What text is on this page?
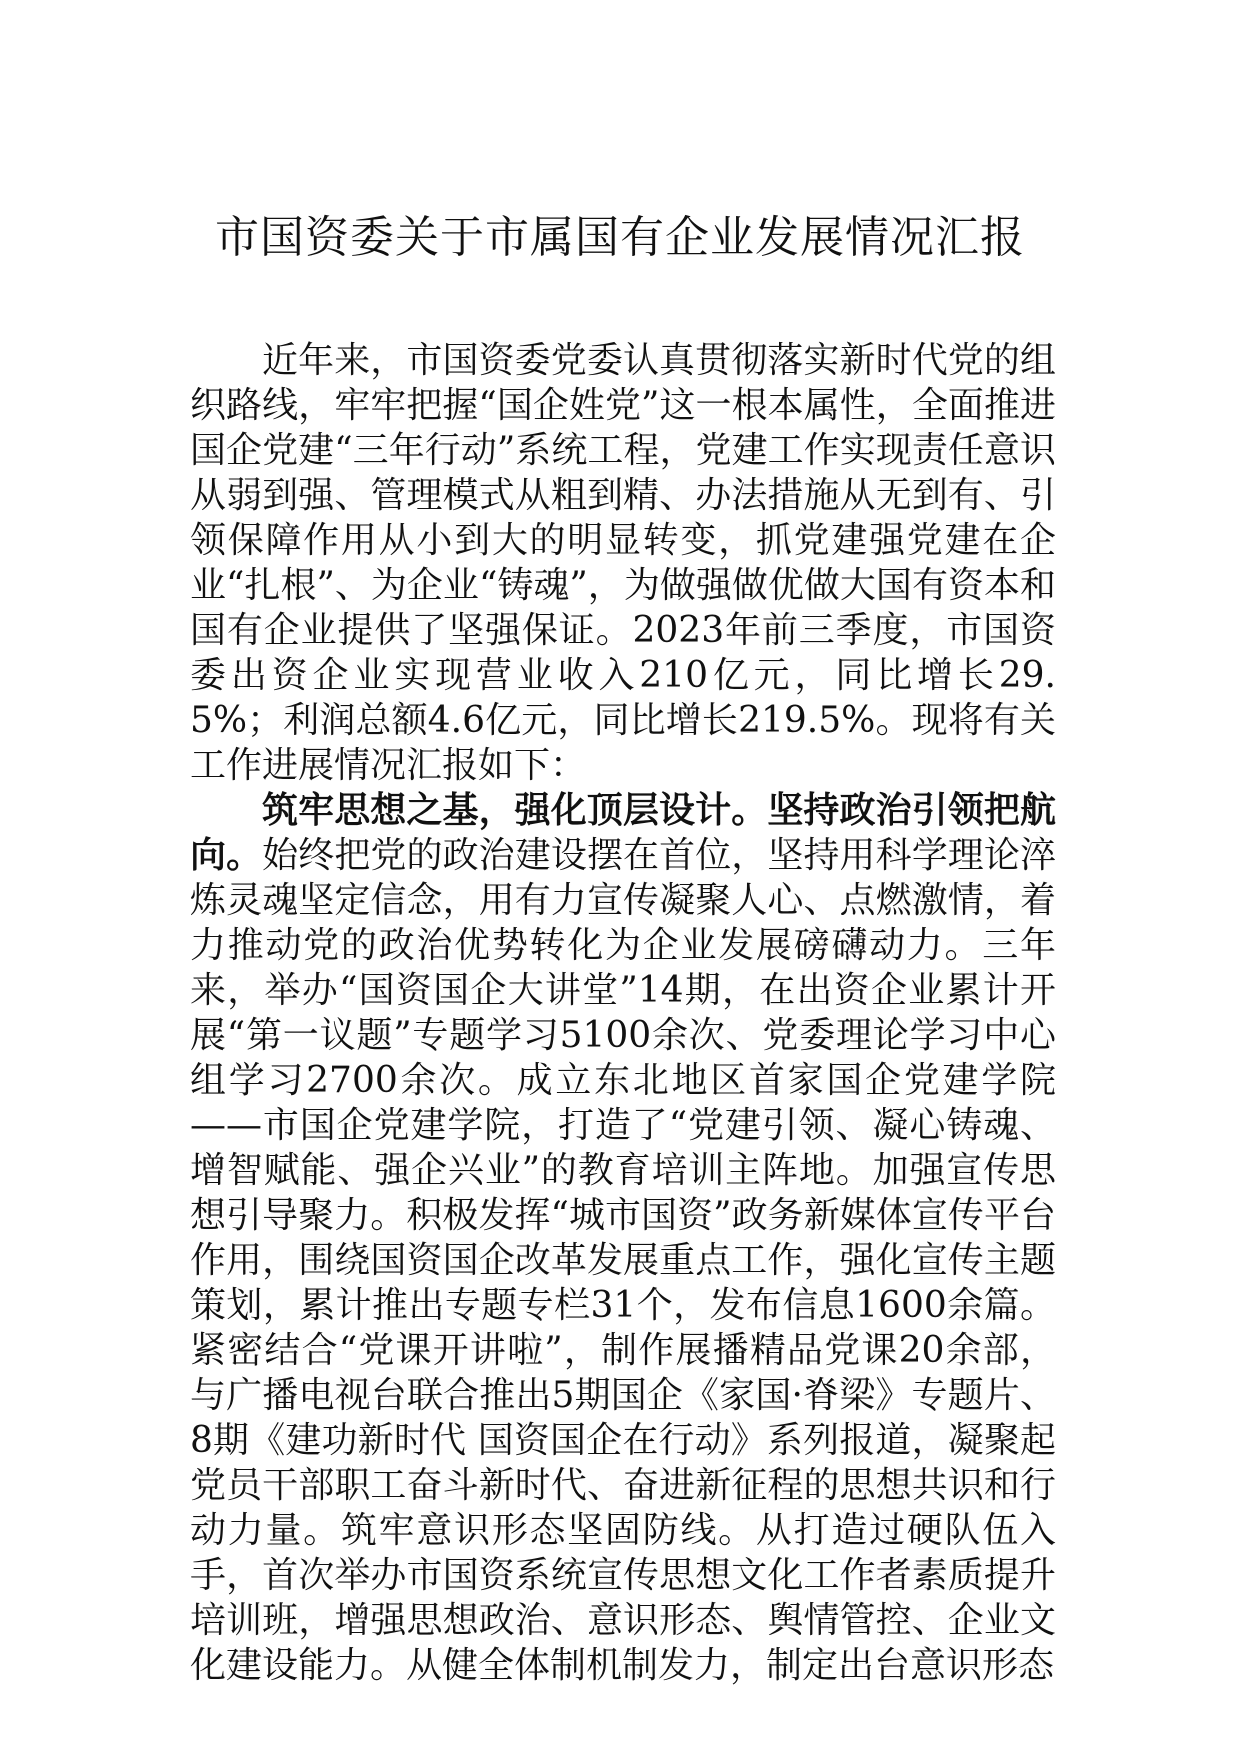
市国资委关于市属国有企业发展情况汇报

近年来，市国资委党委认真贯彻落实新时代党的组织路线，牢牢把握“国企姓党”这一根本属性，全面推进国企党建“三年行动”系统工程，党建工作实现责任意识从弱到强、管理模式从粗到精、办法措施从无到有、引领保障作用从小到大的明显转变，抓党建强党建在企业“扎根”、为企业“铸魂”，为做强做优做大国有资本和国有企业提供了坚强保证。2023年前三季度，市国资委出资企业实现营业收入210亿元，同比增长29.5%；利润总额4.6亿元，同比增长219.5%。现将有关工作进展情况汇报如下：

筑牢思想之基，强化顶层设计。坚持政治引领把航向。始终把党的政治建设摆在首位，坚持用科学理论淬炼灵魂坚定信念，用有力宣传凝聚人心、点燃激情，着力推动党的政治优势转化为企业发展磅礴动力。三年来，举办“国资国企大讲堂”14期，在出资企业累计开展“第一议题”专题学习5100余次、党委理论学习中心组学习2700余次。成立东北地区首家国企党建学院——市国企党建学院，打造了“党建引领、凝心铸魂、增智赋能、强企兴业”的教育培训主阵地。加强宣传思想引导聚力。积极发挥“城市国资”政务新媒体宣传平台作用，围绕国资国企改革发展重点工作，强化宣传主题策划，累计推出专题专栏31个，发布信息1600余篇。紧密结合“党课开讲啦”，制作展播精品党课20余部，与广播电视台联合推出5期国企《家国·脊梁》专题片、8期《建功新时代 国资国企在行动》系列报道，凝聚起党员干部职工奋斗新时代、奋进新征程的思想共识和行动力量。筑牢意识形态坚固防线。从打造过硬队伍入手，首次举办市国资系统宣传思想文化工作者素质提升培训班，增强思想政治、意识形态、舆情管控、企业文化建设能力。从健全体制机制发力，制定出台意识形态
